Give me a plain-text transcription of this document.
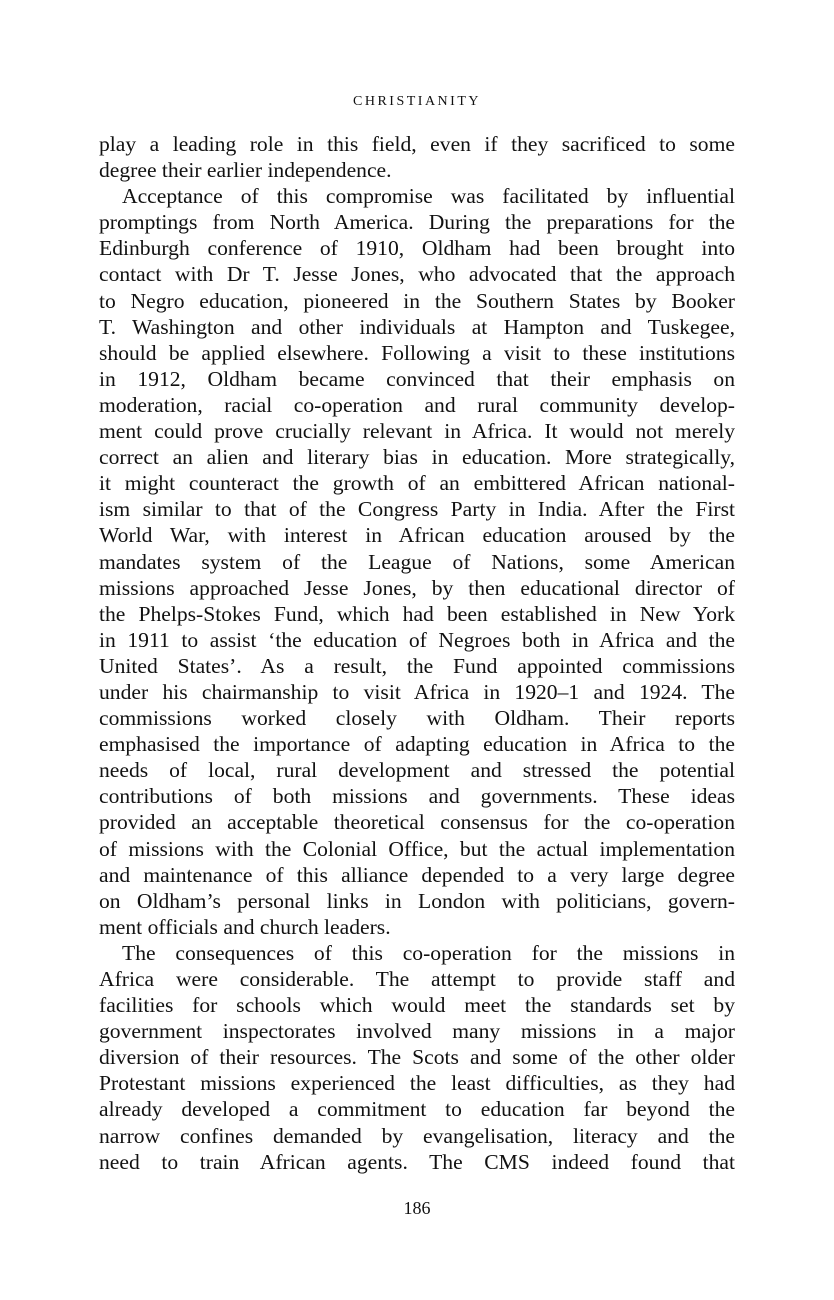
CHRISTIANITY
play a leading role in this field, even if they sacrificed to some
degree their earlier independence.
Acceptance of this compromise was facilitated by influential
promptings from North America. During the preparations for the
Edinburgh conference of 1910, Oldham had been brought into
contact with Dr T. Jesse Jones, who advocated that the approach
to Negro education, pioneered in the Southern States by Booker
T. Washington and other individuals at Hampton and Tuskegee,
should be applied elsewhere. Following a visit to these institutions
in 1912, Oldham became convinced that their emphasis on
moderation, racial co-operation and rural community develop-
ment could prove crucially relevant in Africa. It would not merely
correct an alien and literary bias in education. More strategically,
it might counteract the growth of an embittered African national-
ism similar to that of the Congress Party in India. After the First
World War, with interest in African education aroused by the
mandates system of the League of Nations, some American
missions approached Jesse Jones, by then educational director of
the Phelps-Stokes Fund, which had been established in New York
in 1911 to assist ‘the education of Negroes both in Africa and the
United States’. As a result, the Fund appointed commissions
under his chairmanship to visit Africa in 1920–1 and 1924. The
commissions worked closely with Oldham. Their reports
emphasised the importance of adapting education in Africa to the
needs of local, rural development and stressed the potential
contributions of both missions and governments. These ideas
provided an acceptable theoretical consensus for the co-operation
of missions with the Colonial Office, but the actual implementation
and maintenance of this alliance depended to a very large degree
on Oldham’s personal links in London with politicians, govern-
ment officials and church leaders.
The consequences of this co-operation for the missions in
Africa were considerable. The attempt to provide staff and
facilities for schools which would meet the standards set by
government inspectorates involved many missions in a major
diversion of their resources. The Scots and some of the other older
Protestant missions experienced the least difficulties, as they had
already developed a commitment to education far beyond the
narrow confines demanded by evangelisation, literacy and the
need to train African agents. The CMS indeed found that
186
